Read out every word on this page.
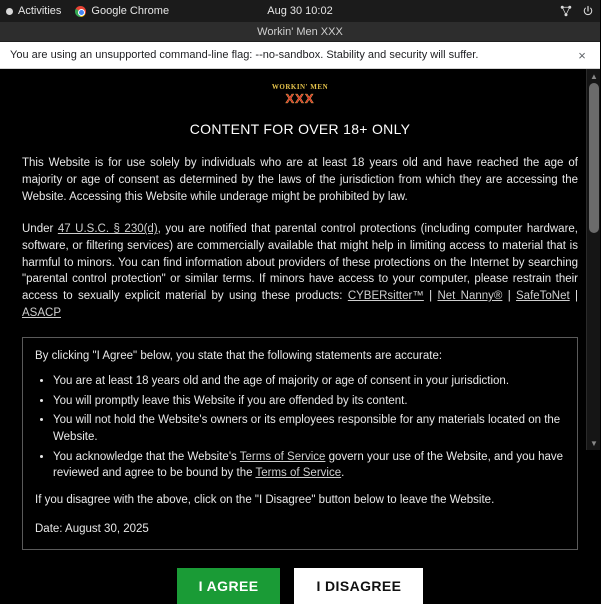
Activities	Google Chrome	Aug 30 10:02
Workin' Men XXX
You are using an unsupported command-line flag: --no-sandbox. Stability and security will suffer.	×
WORKIN' MEN
XXX
CONTENT FOR OVER 18+ ONLY

This Website is for use solely by individuals who are at least 18 years old and have reached the age of majority or age of consent as determined by the laws of the jurisdiction from which they are accessing the Website. Accessing this Website while underage might be prohibited by law.

Under 47 U.S.C. § 230(d), you are notified that parental control protections (including computer hardware, software, or filtering services) are commercially available that might help in limiting access to material that is harmful to minors. You can find information about providers of these protections on the Internet by searching "parental control protection" or similar terms. If minors have access to your computer, please restrain their access to sexually explicit material by using these products: CYBERsitter™ | Net Nanny® | SafeToNet | ASACP

By clicking "I Agree" below, you state that the following statements are accurate:

• You are at least 18 years old and the age of majority or age of consent in your jurisdiction.
• You will promptly leave this Website if you are offended by its content.
• You will not hold the Website's owners or its employees responsible for any materials located on the Website.
• You acknowledge that the Website's Terms of Service govern your use of the Website, and you have reviewed and agree to be bound by the Terms of Service.

If you disagree with the above, click on the "I Disagree" button below to leave the Website.

Date: August 30, 2025

I AGREE	I DISAGREE
▲
▼
